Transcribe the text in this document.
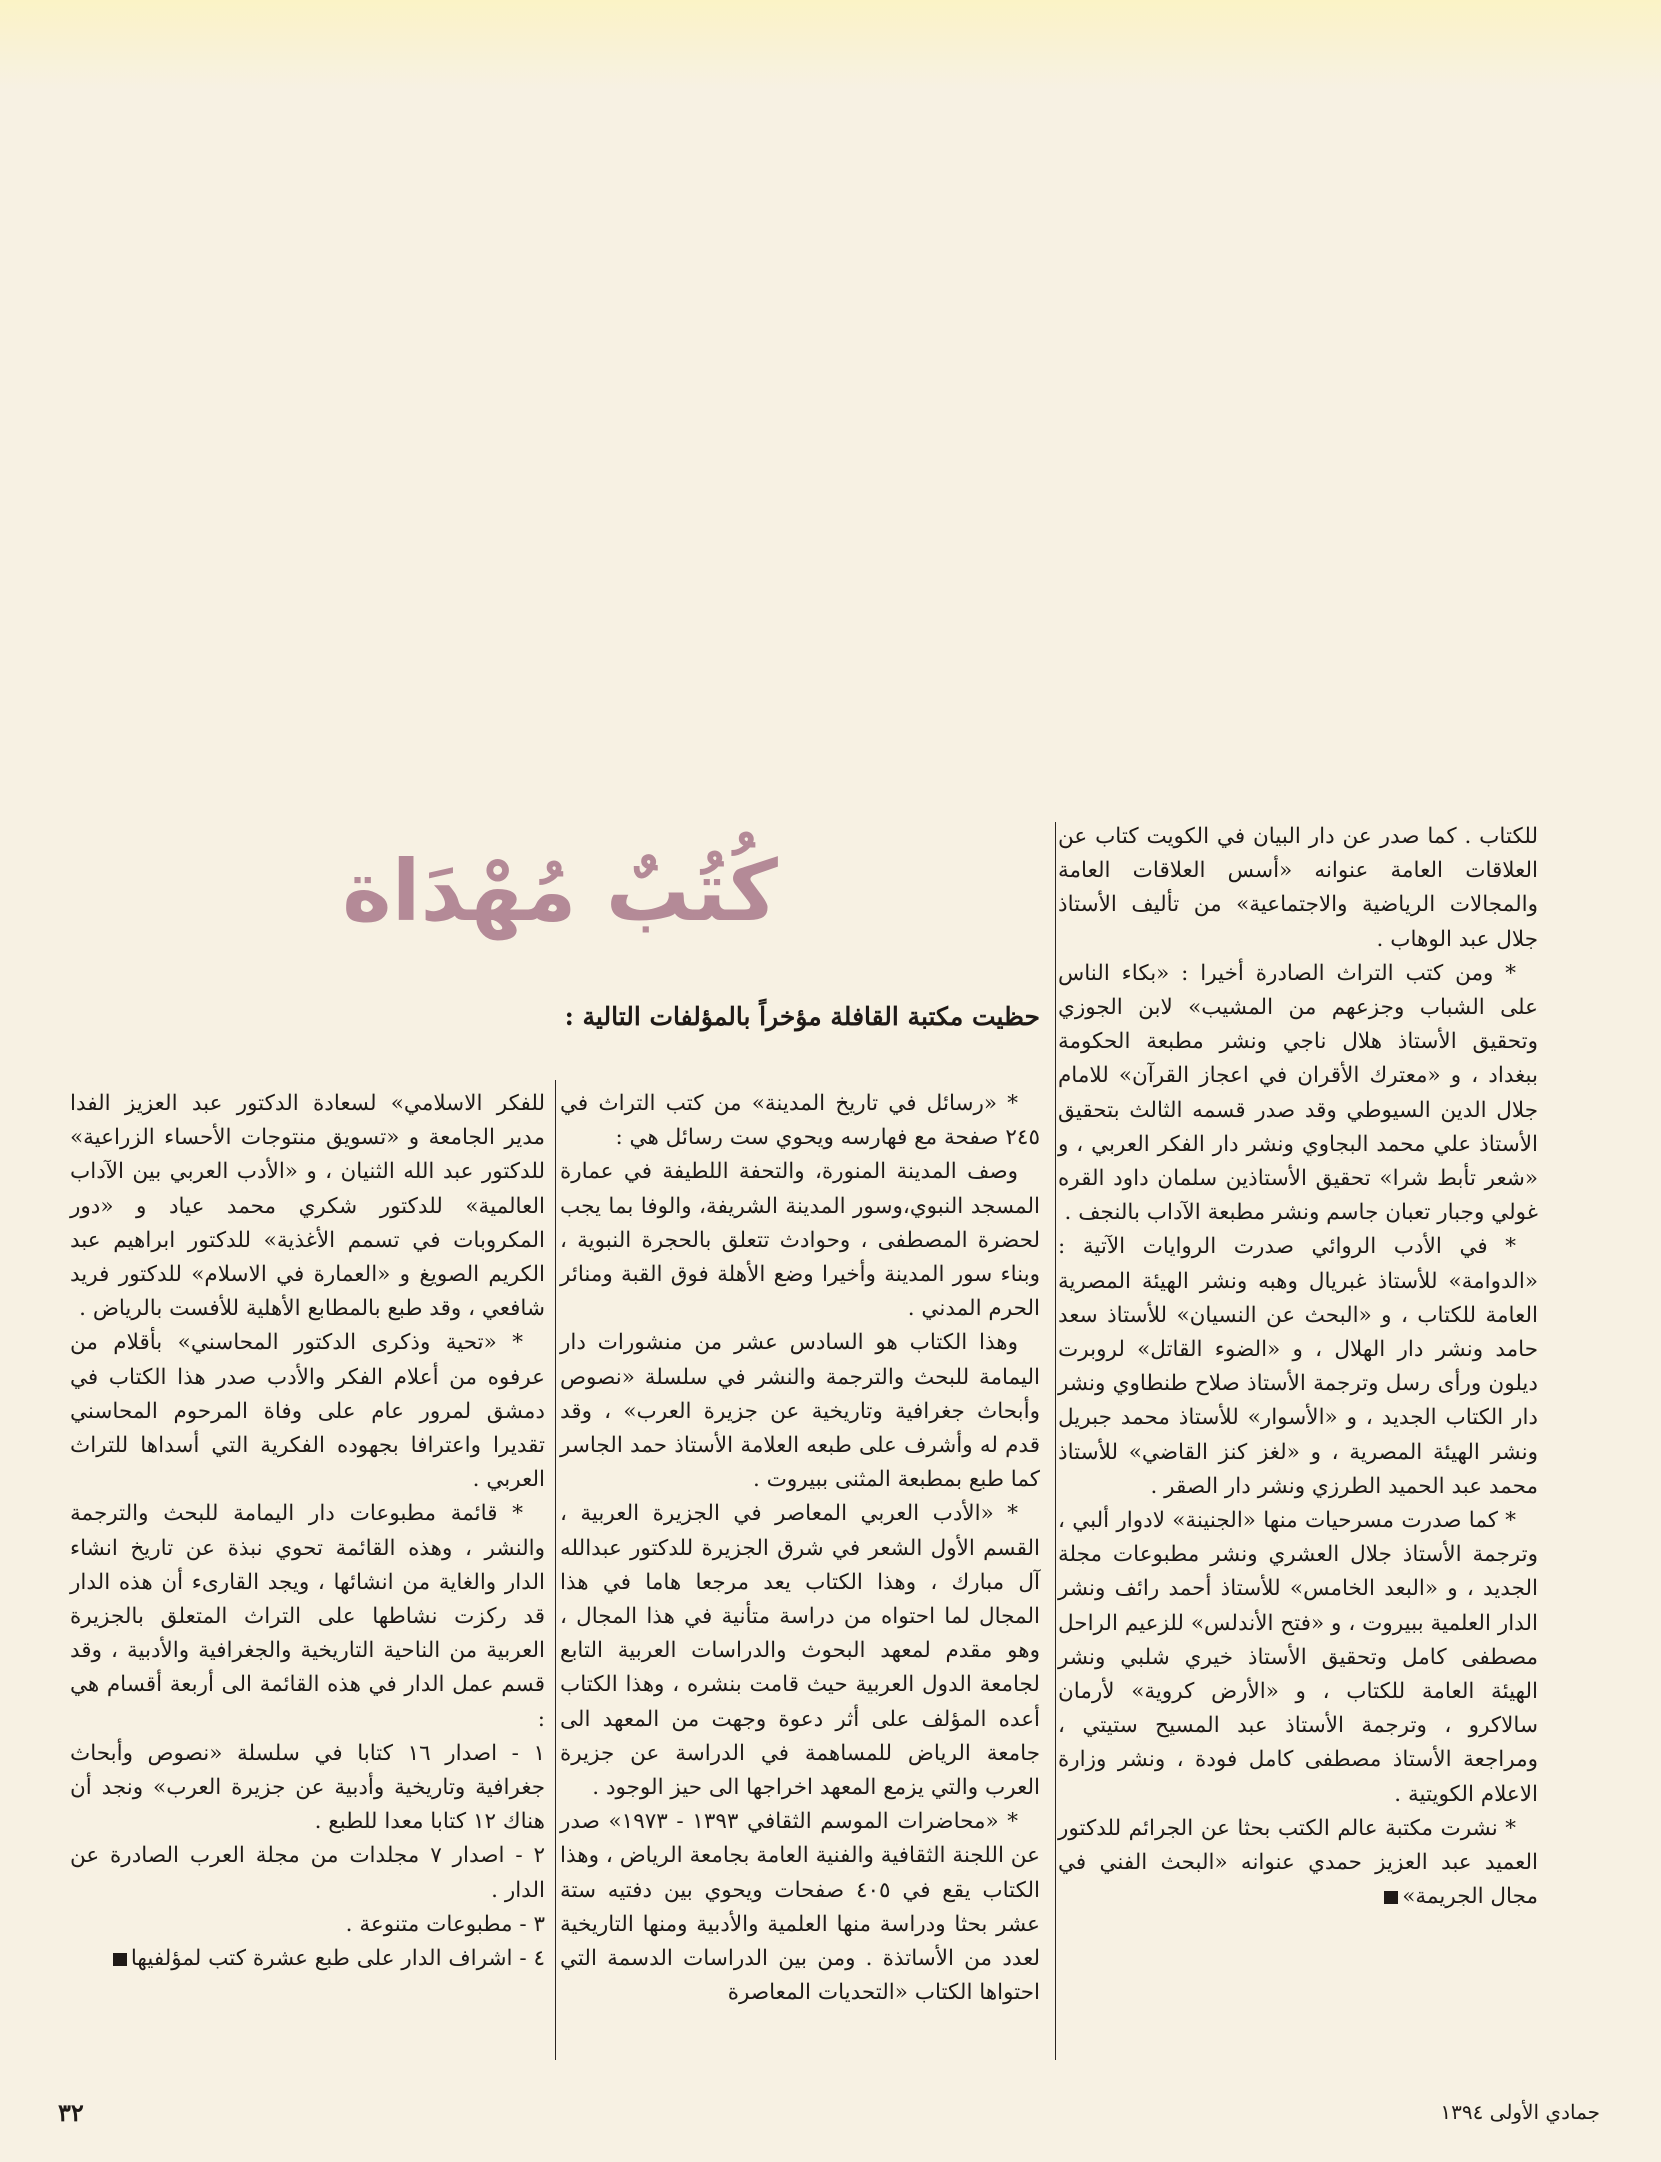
كُتُبٌ مُهْدَاة
حظيت مكتبة القافلة مؤخراً بالمؤلفات التالية :

للكتاب . كما صدر عن دار البيان في الكويت كتاب عن العلاقات العامة عنوانه «أسس العلاقات العامة والمجالات الرياضية والاجتماعية» من تأليف الأستاذ جلال عبد الوهاب .

* ومن كتب التراث الصادرة أخيرا : «بكاء الناس على الشباب وجزعهم من المشيب» لابن الجوزي وتحقيق الأستاذ هلال ناجي ونشر مطبعة الحكومة ببغداد ، و «معترك الأقران في اعجاز القرآن» للامام جلال الدين السيوطي وقد صدر قسمه الثالث بتحقيق الأستاذ علي محمد البجاوي ونشر دار الفكر العربي ، و «شعر تأبط شرا» تحقيق الأستاذين سلمان داود القره غولي وجبار تعبان جاسم ونشر مطبعة الآداب بالنجف .

* في الأدب الروائي صدرت الروايات الآتية : «الدوامة» للأستاذ غبريال وهبه ونشر الهيئة المصرية العامة للكتاب ، و «البحث عن النسيان» للأستاذ سعد حامد ونشر دار الهلال ، و «الضوء القاتل» لروبرت ديلون ورأى رسل وترجمة الأستاذ صلاح طنطاوي ونشر دار الكتاب الجديد ، و «الأسوار» للأستاذ محمد جبريل ونشر الهيئة المصرية ، و «لغز كنز القاضي» للأستاذ محمد عبد الحميد الطرزي ونشر دار الصقر .

* كما صدرت مسرحيات منها «الجنينة» لادوار ألبي ، وترجمة الأستاذ جلال العشري ونشر مطبوعات مجلة الجديد ، و «البعد الخامس» للأستاذ أحمد رائف ونشر الدار العلمية ببيروت ، و «فتح الأندلس» للزعيم الراحل مصطفى كامل وتحقيق الأستاذ خيري شلبي ونشر الهيئة العامة للكتاب ، و «الأرض كروية» لأرمان سالاكرو ، وترجمة الأستاذ عبد المسيح ستيتي ، ومراجعة الأستاذ مصطفى كامل فودة ، ونشر وزارة الاعلام الكويتية .

* نشرت مكتبة عالم الكتب بحثا عن الجرائم للدكتور العميد عبد العزيز حمدي عنوانه «البحث الفني في مجال الجريمة»

* «رسائل في تاريخ المدينة» من كتب التراث في ٢٤٥ صفحة مع فهارسه ويحوي ست رسائل هي :

وصف المدينة المنورة، والتحفة اللطيفة في عمارة المسجد النبوي،وسور المدينة الشريفة، والوفا بما يجب لحضرة المصطفى ، وحوادث تتعلق بالحجرة النبوية ، وبناء سور المدينة وأخيرا وضع الأهلة فوق القبة ومنائر الحرم المدني .

وهذا الكتاب هو السادس عشر من منشورات دار اليمامة للبحث والترجمة والنشر في سلسلة «نصوص وأبحاث جغرافية وتاريخية عن جزيرة العرب» ، وقد قدم له وأشرف على طبعه العلامة الأستاذ حمد الجاسر كما طبع بمطبعة المثنى ببيروت .

* «الأدب العربي المعاصر في الجزيرة العربية ، القسم الأول الشعر في شرق الجزيرة للدكتور عبدالله آل مبارك ، وهذا الكتاب يعد مرجعا هاما في هذا المجال لما احتواه من دراسة متأنية في هذا المجال ، وهو مقدم لمعهد البحوث والدراسات العربية التابع لجامعة الدول العربية حيث قامت بنشره ، وهذا الكتاب أعده المؤلف على أثر دعوة وجهت من المعهد الى جامعة الرياض للمساهمة في الدراسة عن جزيرة العرب والتي يزمع المعهد اخراجها الى حيز الوجود .

* «محاضرات الموسم الثقافي ١٣٩٣ - ١٩٧٣» صدر عن اللجنة الثقافية والفنية العامة بجامعة الرياض ، وهذا الكتاب يقع في ٤٠٥ صفحات ويحوي بين دفتيه ستة عشر بحثا ودراسة منها العلمية والأدبية ومنها التاريخية لعدد من الأساتذة . ومن بين الدراسات الدسمة التي احتواها الكتاب «التحديات المعاصرة

للفكر الاسلامي» لسعادة الدكتور عبد العزيز الفدا مدير الجامعة و «تسويق منتوجات الأحساء الزراعية» للدكتور عبد الله الثنيان ، و «الأدب العربي بين الآداب العالمية» للدكتور شكري محمد عياد و «دور المكروبات في تسمم الأغذية» للدكتور ابراهيم عبد الكريم الصويغ و «العمارة في الاسلام» للدكتور فريد شافعي ، وقد طبع بالمطابع الأهلية للأفست بالرياض .

* «تحية وذكرى الدكتور المحاسني» بأقلام من عرفوه من أعلام الفكر والأدب صدر هذا الكتاب في دمشق لمرور عام على وفاة المرحوم المحاسني تقديرا واعترافا بجهوده الفكرية التي أسداها للتراث العربي .

* قائمة مطبوعات دار اليمامة للبحث والترجمة والنشر ، وهذه القائمة تحوي نبذة عن تاريخ انشاء الدار والغاية من انشائها ، ويجد القارىء أن هذه الدار قد ركزت نشاطها على التراث المتعلق بالجزيرة العربية من الناحية التاريخية والجغرافية والأدبية ، وقد قسم عمل الدار في هذه القائمة الى أربعة أقسام هي :

١ - اصدار ١٦ كتابا في سلسلة «نصوص وأبحاث جغرافية وتاريخية وأدبية عن جزيرة العرب» ونجد أن هناك ١٢ كتابا معدا للطبع .

٢ - اصدار ٧ مجلدات من مجلة العرب الصادرة عن الدار .

٣ - مطبوعات متنوعة .

٤ - اشراف الدار على طبع عشرة كتب لمؤلفيها

٣٢	جمادي الأولى ١٣٩٤
